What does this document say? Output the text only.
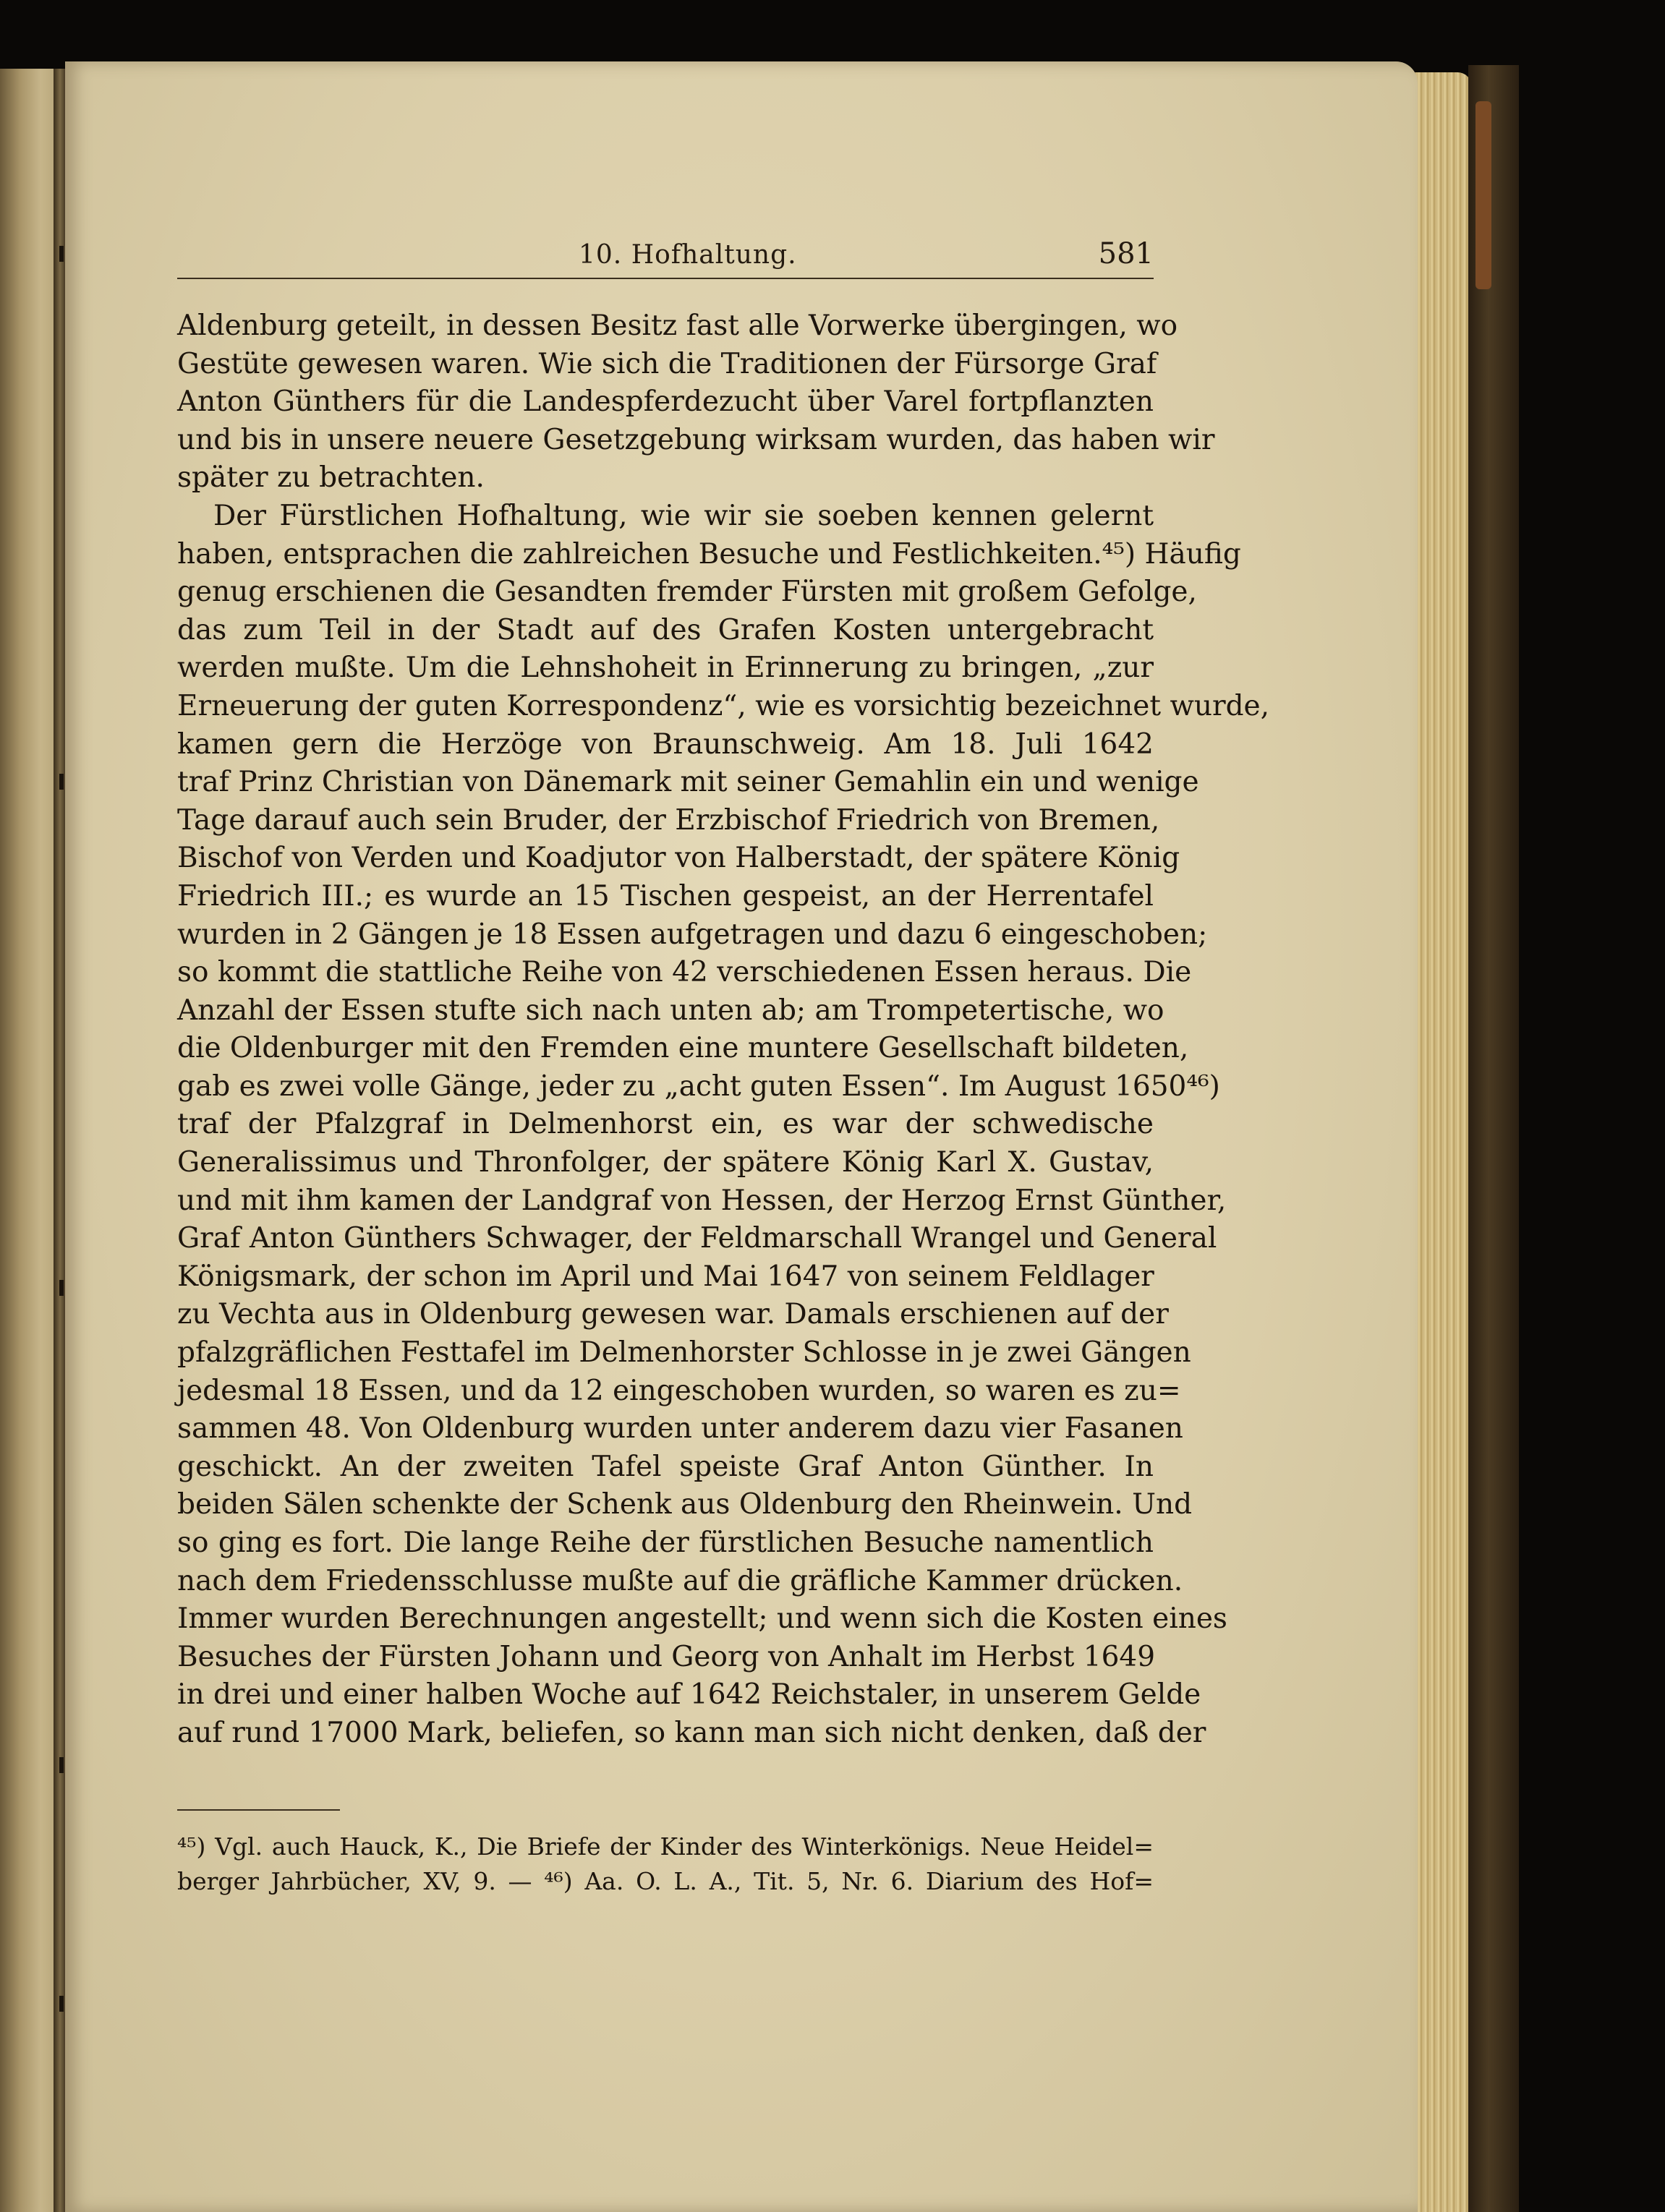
10. Hofhaltung.	581
Aldenburg geteilt, in dessen Besitz fast alle Vorwerke übergingen, wo
Gestüte gewesen waren. Wie sich die Traditionen der Fürsorge Graf
Anton Günthers für die Landespferdezucht über Varel fortpflanzten
und bis in unsere neuere Gesetzgebung wirksam wurden, das haben wir
später zu betrachten.
Der Fürstlichen Hofhaltung, wie wir sie soeben kennen gelernt
haben, entsprachen die zahlreichen Besuche und Festlichkeiten.⁴⁵) Häufig
genug erschienen die Gesandten fremder Fürsten mit großem Gefolge,
das zum Teil in der Stadt auf des Grafen Kosten untergebracht
werden mußte. Um die Lehnshoheit in Erinnerung zu bringen, „zur
Erneuerung der guten Korrespondenz“, wie es vorsichtig bezeichnet wurde,
kamen gern die Herzöge von Braunschweig. Am 18. Juli 1642
traf Prinz Christian von Dänemark mit seiner Gemahlin ein und wenige
Tage darauf auch sein Bruder, der Erzbischof Friedrich von Bremen,
Bischof von Verden und Koadjutor von Halberstadt, der spätere König
Friedrich III.; es wurde an 15 Tischen gespeist, an der Herrentafel
wurden in 2 Gängen je 18 Essen aufgetragen und dazu 6 eingeschoben;
so kommt die stattliche Reihe von 42 verschiedenen Essen heraus. Die
Anzahl der Essen stufte sich nach unten ab; am Trompetertische, wo
die Oldenburger mit den Fremden eine muntere Gesellschaft bildeten,
gab es zwei volle Gänge, jeder zu „acht guten Essen“. Im August 1650⁴⁶)
traf der Pfalzgraf in Delmenhorst ein, es war der schwedische
Generalissimus und Thronfolger, der spätere König Karl X. Gustav,
und mit ihm kamen der Landgraf von Hessen, der Herzog Ernst Günther,
Graf Anton Günthers Schwager, der Feldmarschall Wrangel und General
Königsmark, der schon im April und Mai 1647 von seinem Feldlager
zu Vechta aus in Oldenburg gewesen war. Damals erschienen auf der
pfalzgräflichen Festtafel im Delmenhorster Schlosse in je zwei Gängen
jedesmal 18 Essen, und da 12 eingeschoben wurden, so waren es zu=
sammen 48. Von Oldenburg wurden unter anderem dazu vier Fasanen
geschickt. An der zweiten Tafel speiste Graf Anton Günther. In
beiden Sälen schenkte der Schenk aus Oldenburg den Rheinwein. Und
so ging es fort. Die lange Reihe der fürstlichen Besuche namentlich
nach dem Friedensschlusse mußte auf die gräfliche Kammer drücken.
Immer wurden Berechnungen angestellt; und wenn sich die Kosten eines
Besuches der Fürsten Johann und Georg von Anhalt im Herbst 1649
in drei und einer halben Woche auf 1642 Reichstaler, in unserem Gelde
auf rund 17000 Mark, beliefen, so kann man sich nicht denken, daß der
⁴⁵) Vgl. auch Hauck, K., Die Briefe der Kinder des Winterkönigs. Neue Heidel=
berger Jahrbücher, XV, 9. — ⁴⁶) Aa. O. L. A., Tit. 5, Nr. 6. Diarium des Hof=
